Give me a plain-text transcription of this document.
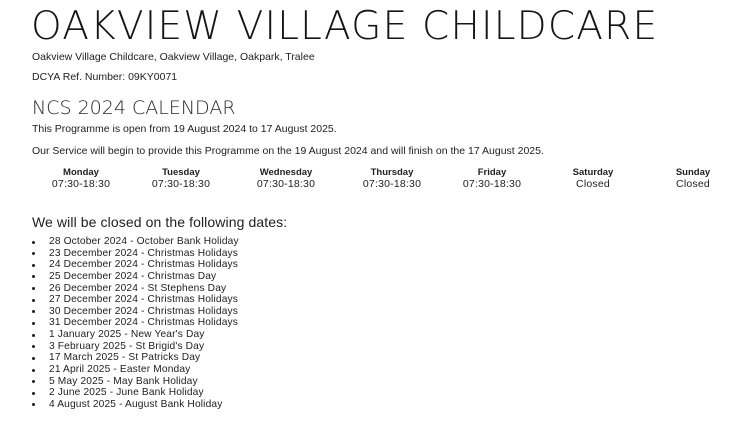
OAKVIEW VILLAGE CHILDCARE

Oakview Village Childcare, Oakview Village, Oakpark, Tralee

DCYA Ref. Number: 09KY0071

NCS 2024 CALENDAR

This Programme is open from 19 August 2024 to 17 August 2025.

Our Service will begin to provide this Programme on the 19 August 2024 and will finish on the 17 August 2025.

Monday
07:30-18:30
Tuesday
07:30-18:30
Wednesday
07:30-18:30
Thursday
07:30-18:30
Friday
07:30-18:30
Saturday
Closed
Sunday
Closed
We will be closed on the following dates:
28 October 2024 - October Bank Holiday
23 December 2024 - Christmas Holidays
24 December 2024 - Christmas Holidays
25 December 2024 - Christmas Day
26 December 2024 - St Stephens Day
27 December 2024 - Christmas Holidays
30 December 2024 - Christmas Holidays
31 December 2024 - Christmas Holidays
1 January 2025 - New Year's Day
3 February 2025 - St Brigid's Day
17 March 2025 - St Patricks Day
21 April 2025 - Easter Monday
5 May 2025 - May Bank Holiday
2 June 2025 - June Bank Holiday
4 August 2025 - August Bank Holiday
